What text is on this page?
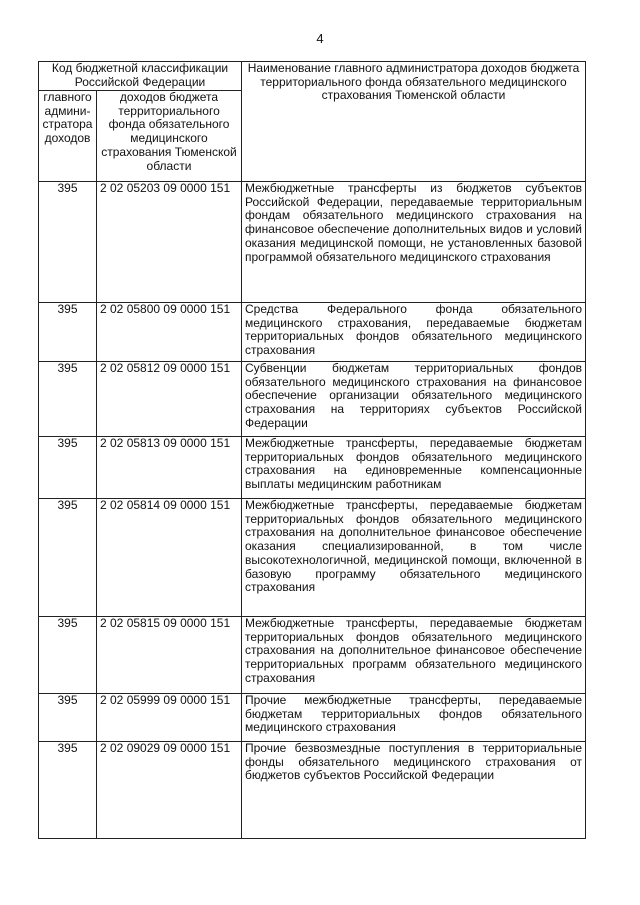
4
Код бюджетной классификации Российской Федерации		Наименование главного администратора доходов бюджета территориального фонда обязательного медицинского страхования Тюменской области
главного админи-стратора доходов	доходов бюджета территориального фонда обязательного медицинского страхования Тюменской области	
395	2 02 05203 09 0000 151	Межбюджетные трансферты из бюджетов субъектов Российской Федерации, передаваемые территориальным фондам обязательного медицинского страхования на финансовое обеспечение дополнительных видов и условий оказания медицинской помощи, не установленных базовой программой обязательного медицинского страхования
395	2 02 05800 09 0000 151	Средства Федерального фонда обязательного медицинского страхования, передаваемые бюджетам территориальных фондов обязательного медицинского страхования
395	2 02 05812 09 0000 151	Субвенции бюджетам территориальных фондов обязательного медицинского страхования на финансовое обеспечение организации обязательного медицинского страхования на территориях субъектов Российской Федерации
395	2 02 05813 09 0000 151	Межбюджетные трансферты, передаваемые бюджетам территориальных фондов обязательного медицинского страхования на единовременные компенсационные выплаты медицинским работникам
395	2 02 05814 09 0000 151	Межбюджетные трансферты, передаваемые бюджетам территориальных фондов обязательного медицинского страхования на дополнительное финансовое обеспечение оказания специализированной, в том числе высокотехнологичной, медицинской помощи, включенной в базовую программу обязательного медицинского страхования
395	2 02 05815 09 0000 151	Межбюджетные трансферты, передаваемые бюджетам территориальных фондов обязательного медицинского страхования на дополнительное финансовое обеспечение территориальных программ обязательного медицинского страхования
395	2 02 05999 09 0000 151	Прочие межбюджетные трансферты, передаваемые бюджетам территориальных фондов обязательного медицинского страхования
395	2 02 09029 09 0000 151	Прочие безвозмездные поступления в территориальные фонды обязательного медицинского страхования от бюджетов субъектов Российской Федерации
